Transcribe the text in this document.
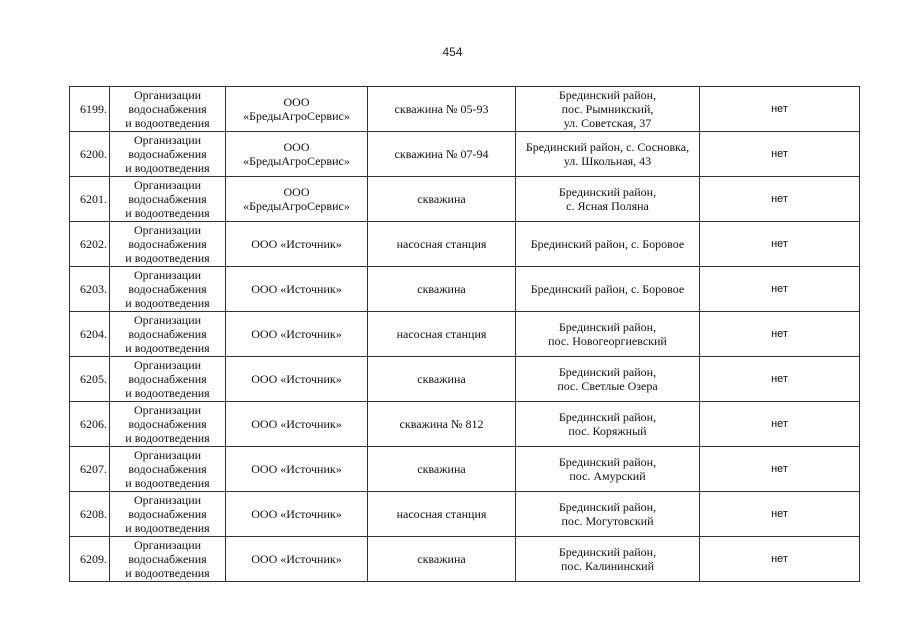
454
6199.	Организации
водоснабжения
и водоотведения	ООО
«БредыАгроСервис»	скважина № 05-93	Брединский район,
пос. Рымникский,
ул. Советская, 37	нет
6200.	Организации
водоснабжения
и водоотведения	ООО
«БредыАгроСервис»	скважина № 07-94	Брединский район, с. Сосновка,
ул. Школьная, 43	нет
6201.	Организации
водоснабжения
и водоотведения	ООО
«БредыАгроСервис»	скважина	Брединский район,
с. Ясная Поляна	нет
6202.	Организации
водоснабжения
и водоотведения	ООО «Источник»	насосная станция	Брединский район, с. Боровое	нет
6203.	Организации
водоснабжения
и водоотведения	ООО «Источник»	скважина	Брединский район, с. Боровое	нет
6204.	Организации
водоснабжения
и водоотведения	ООО «Источник»	насосная станция	Брединский район,
пос. Новогеоргиевский	нет
6205.	Организации
водоснабжения
и водоотведения	ООО «Источник»	скважина	Брединский район,
пос. Светлые Озера	нет
6206.	Организации
водоснабжения
и водоотведения	ООО «Источник»	скважина № 812	Брединский район,
пос. Коряжный	нет
6207.	Организации
водоснабжения
и водоотведения	ООО «Источник»	скважина	Брединский район,
пос. Амурский	нет
6208.	Организации
водоснабжения
и водоотведения	ООО «Источник»	насосная станция	Брединский район,
пос. Могутовский	нет
6209.	Организации
водоснабжения
и водоотведения	ООО «Источник»	скважина	Брединский район,
пос. Калининский	нет
